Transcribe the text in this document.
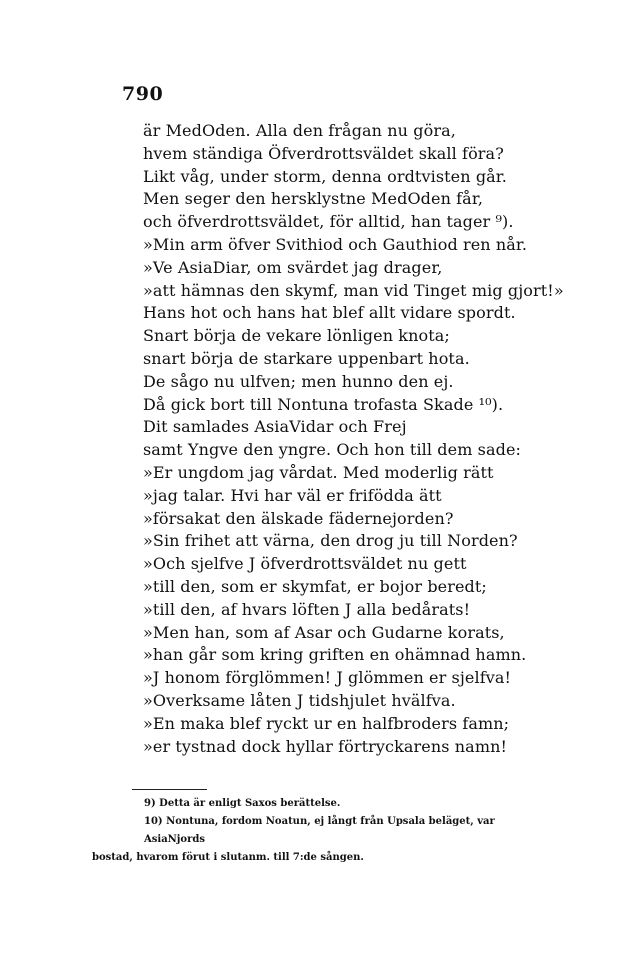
790
är MedOden. Alla den frågan nu göra,
hvem ständiga Öfverdrottsväldet skall föra?
Likt våg, under storm, denna ordtvisten går.
Men seger den hersklystne MedOden får,
och öfverdrottsväldet, för alltid, han tager ⁹).
»Min arm öfver Svithiod och Gauthiod ren når.
»Ve AsiaDiar, om svärdet jag drager,
»att hämnas den skymf, man vid Tinget mig gjort!»
Hans hot och hans hat blef allt vidare spordt.
Snart börja de vekare lönligen knota;
snart börja de starkare uppenbart hota.
De sågo nu ulfven; men hunno den ej.
Då gick bort till Nontuna trofasta Skade ¹⁰).
Dit samlades AsiaVidar och Frej
samt Yngve den yngre. Och hon till dem sade:
»Er ungdom jag vårdat. Med moderlig rätt
»jag talar. Hvi har väl er friföddа ätt
»försakat den älskade fädernejorden?
»Sin frihet att värna, den drog ju till Norden?
»Och sjelfve J öfverdrottsväldet nu gett
»till den, som er skymfat, er bojor beredt;
»till den, af hvars löften J alla bedårats!
»Men han, som af Asar och Gudarne korats,
»han går som kring griften en ohämnad hamn.
»J honom förglömmen! J glömmen er sjelfva!
»Overksame låten J tidshjulet hvälfva.
»En maka blef ryckt ur en halfbroders famn;
»er tystnad dock hyllar förtryckarens namn!
9) Detta är enligt Saxos berättelse.
10) Nontuna, fordom Noatun, ej långt från Upsala beläget, var AsiaNjords
bostad, hvarom förut i slutanm. till 7:de sången.
